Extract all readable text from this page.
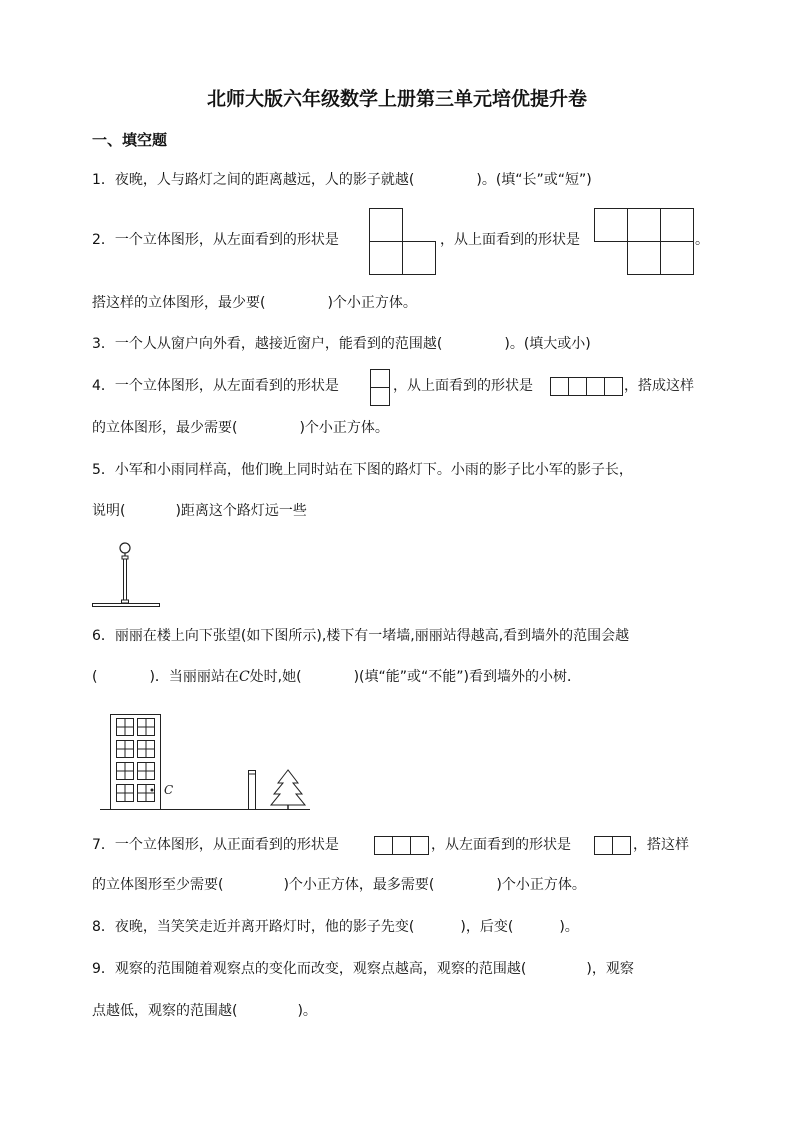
北师大版六年级数学上册第三单元培优提升卷
一、填空题
1．夜晚，人与路灯之间的距离越远，人的影子就越(	)。(填“长”或“短”)
2．一个立体图形，从左面看到的形状是	，从上面看到的形状是	。
搭这样的立体图形，最少要(	)个小正方体。
3．一个人从窗户向外看，越接近窗户，能看到的范围越(	)。(填大或小)
4．一个立体图形，从左面看到的形状是	，从上面看到的形状是	，搭成这样
的立体图形，最少需要(	)个小正方体。
5．小军和小雨同样高，他们晚上同时站在下图的路灯下。小雨的影子比小军的影子长，
说明(	)距离这个路灯远一些
6．丽丽在楼上向下张望(如下图所示),楼下有一堵墙,丽丽站得越高,看到墙外的范围会越
(	)．当丽丽站在C处时,她(	)(填“能”或“不能”)看到墙外的小树．
C
7．一个立体图形，从正面看到的形状是	，从左面看到的形状是	，搭这样
的立体图形至少需要(	)个小正方体，最多需要(	)个小正方体。
8．夜晚，当笑笑走近并离开路灯时，他的影子先变(	)，后变(	)。
9．观察的范围随着观察点的变化而改变，观察点越高，观察的范围越(	)，观察
点越低，观察的范围越(	)。
